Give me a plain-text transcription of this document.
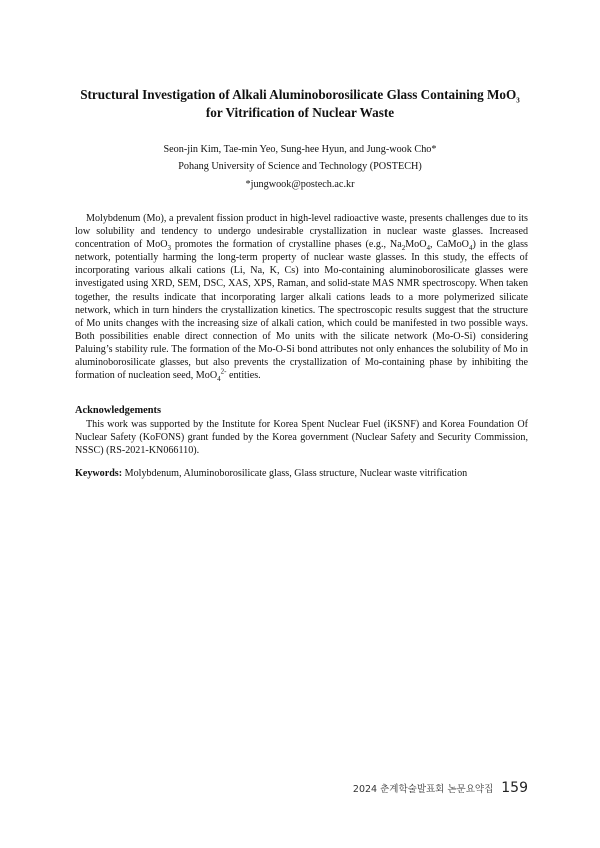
Structural Investigation of Alkali Aluminoborosilicate Glass Containing MoO$_3$
for Vitrification of Nuclear Waste
Seon-jin Kim, Tae-min Yeo, Sung-hee Hyun, and Jung-wook Cho*
Pohang University of Science and Technology (POSTECH)
*jungwook@postech.ac.kr

Molybdenum (Mo), a prevalent fission product in high-level radioactive waste, presents challenges due to its low solubility and tendency to undergo undesirable crystallization in nuclear waste glasses. Increased concentration of MoO$_3$ promotes the formation of crystalline phases (e.g., $Na_2MoO_4$, CaMoO$_4$) in the glass network, potentially harming the long-term property of nuclear waste glasses. In this study, the effects of incorporating various alkali cations (Li, Na, K, Cs) into Mo-containing aluminoborosilicate glasses were investigated using XRD, SEM, DSC, XAS, XPS, Raman, and solid-state MAS NMR spectroscopy. When taken together, the results indicate that incorporating larger alkali cations leads to a more polymerized silicate network, which in turn hinders the crystallization kinetics. The spectroscopic results suggest that the structure of Mo units changes with the increasing size of alkali cation, which could be manifested in two possible ways. Both possibilities enable direct connection of Mo units with the silicate network (Mo-O-Si) considering Paluing’s stability rule. The formation of the Mo-O-Si bond attributes not only enhances the solubility of Mo in aluminoborosilicate glasses, but also prevents the crystallization of Mo-containing phase by inhibiting the formation of nucleation seed, MoO$_4^{2-}$ entities.

Acknowledgements

This work was supported by the Institute for Korea Spent Nuclear Fuel (iKSNF) and Korea Foundation Of Nuclear Safety (KoFONS) grant funded by the Korea government (Nuclear Safety and Security Commission, NSSC) (RS-2021-KN066110).

Keywords: Molybdenum, Aluminoborosilicate glass, Glass structure, Nuclear waste vitrification

2024 춘계학술발표회 논문요약집 159
